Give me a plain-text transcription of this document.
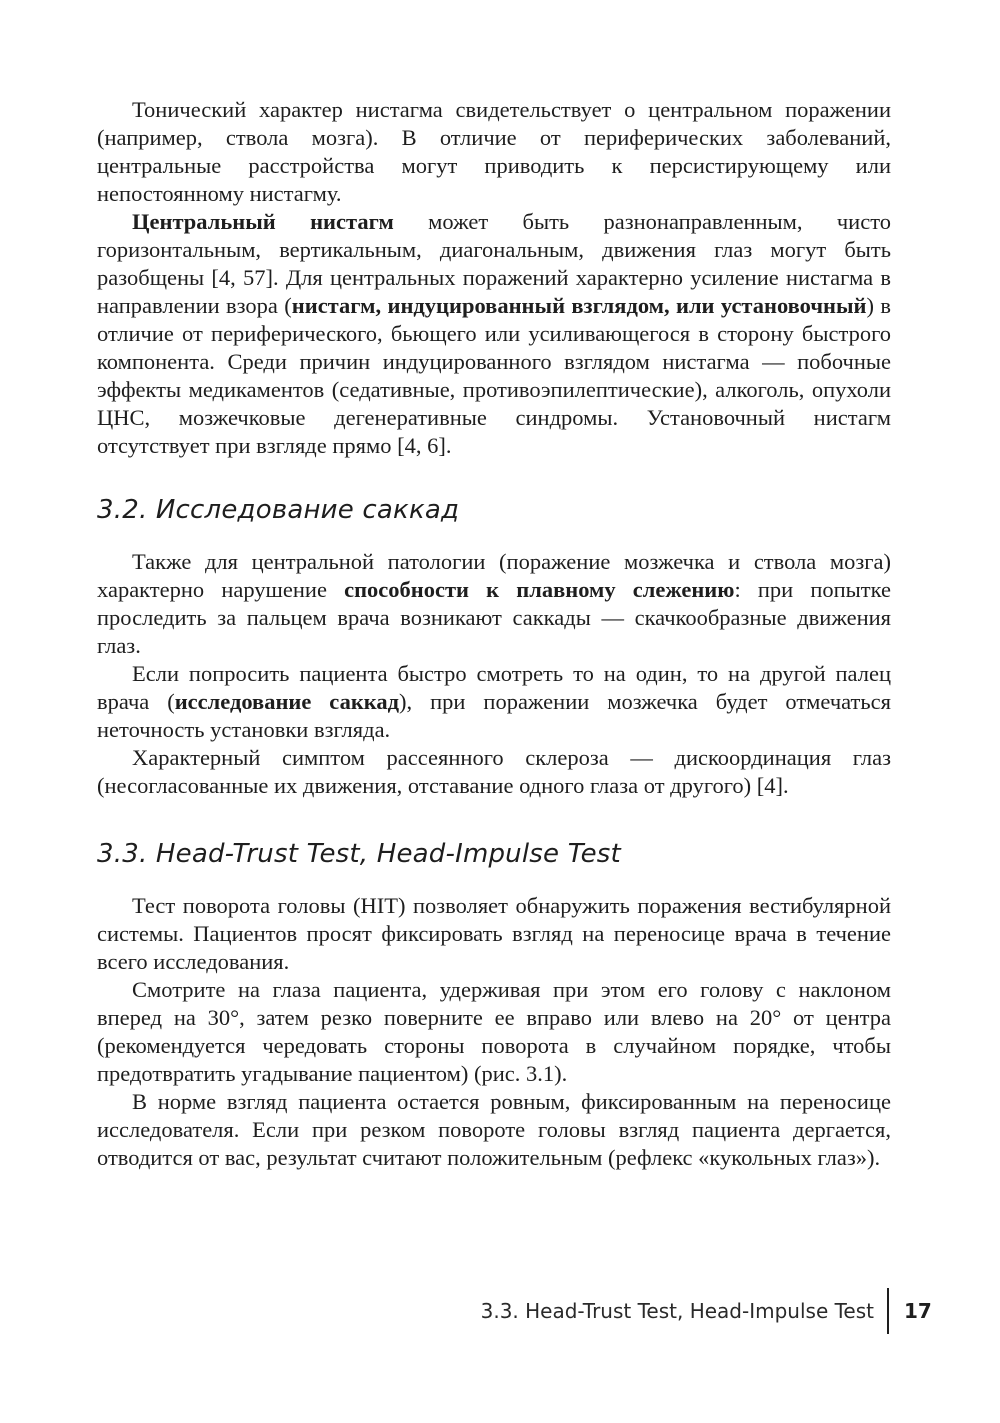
Тонический характер нистагма свидетельствует о центральном поражении (например, ствола мозга). В отличие от периферических заболеваний, центральные расстройства могут приводить к персистирующему или непостоянному нистагму.

Центральный нистагм может быть разнонаправленным, чисто горизонтальным, вертикальным, диагональным, движения глаз могут быть разобщены [4, 57]. Для центральных поражений характерно усиление нистагма в направлении взора (нистагм, индуцированный взглядом, или установочный) в отличие от периферического, бьющего или усиливающегося в сторону быстрого компонента. Среди причин индуцированного взглядом нистагма — побочные эффекты медикаментов (седативные, противоэпилептические), алкоголь, опухоли ЦНС, мозжечковые дегенеративные синдромы. Установочный нистагм отсутствует при взгляде прямо [4, 6].

3.2. Исследование саккад

Также для центральной патологии (поражение мозжечка и ствола мозга) характерно нарушение способности к плавному слежению: при попытке проследить за пальцем врача возникают саккады — скачкообразные движения глаз.

Если попросить пациента быстро смотреть то на один, то на другой палец врача (исследование саккад), при поражении мозжечка будет отмечаться неточность установки взгляда.

Характерный симптом рассеянного склероза — дискоординация глаз (несогласованные их движения, отставание одного глаза от другого) [4].

3.3. Head-Trust Test, Head-Impulse Test

Тест поворота головы (HIT) позволяет обнаружить поражения вестибулярной системы. Пациентов просят фиксировать взгляд на переносице врача в течение всего исследования.

Смотрите на глаза пациента, удерживая при этом его голову с наклоном вперед на 30°, затем резко поверните ее вправо или влево на 20° от центра (рекомендуется чередовать стороны поворота в случайном порядке, чтобы предотвратить угадывание пациентом) (рис. 3.1).

В норме взгляд пациента остается ровным, фиксированным на переносице исследователя. Если при резком повороте головы взгляд пациента дергается, отводится от вас, результат считают положительным (рефлекс «кукольных глаз»).

3.3. Head-Trust Test, Head-Impulse Test 17
